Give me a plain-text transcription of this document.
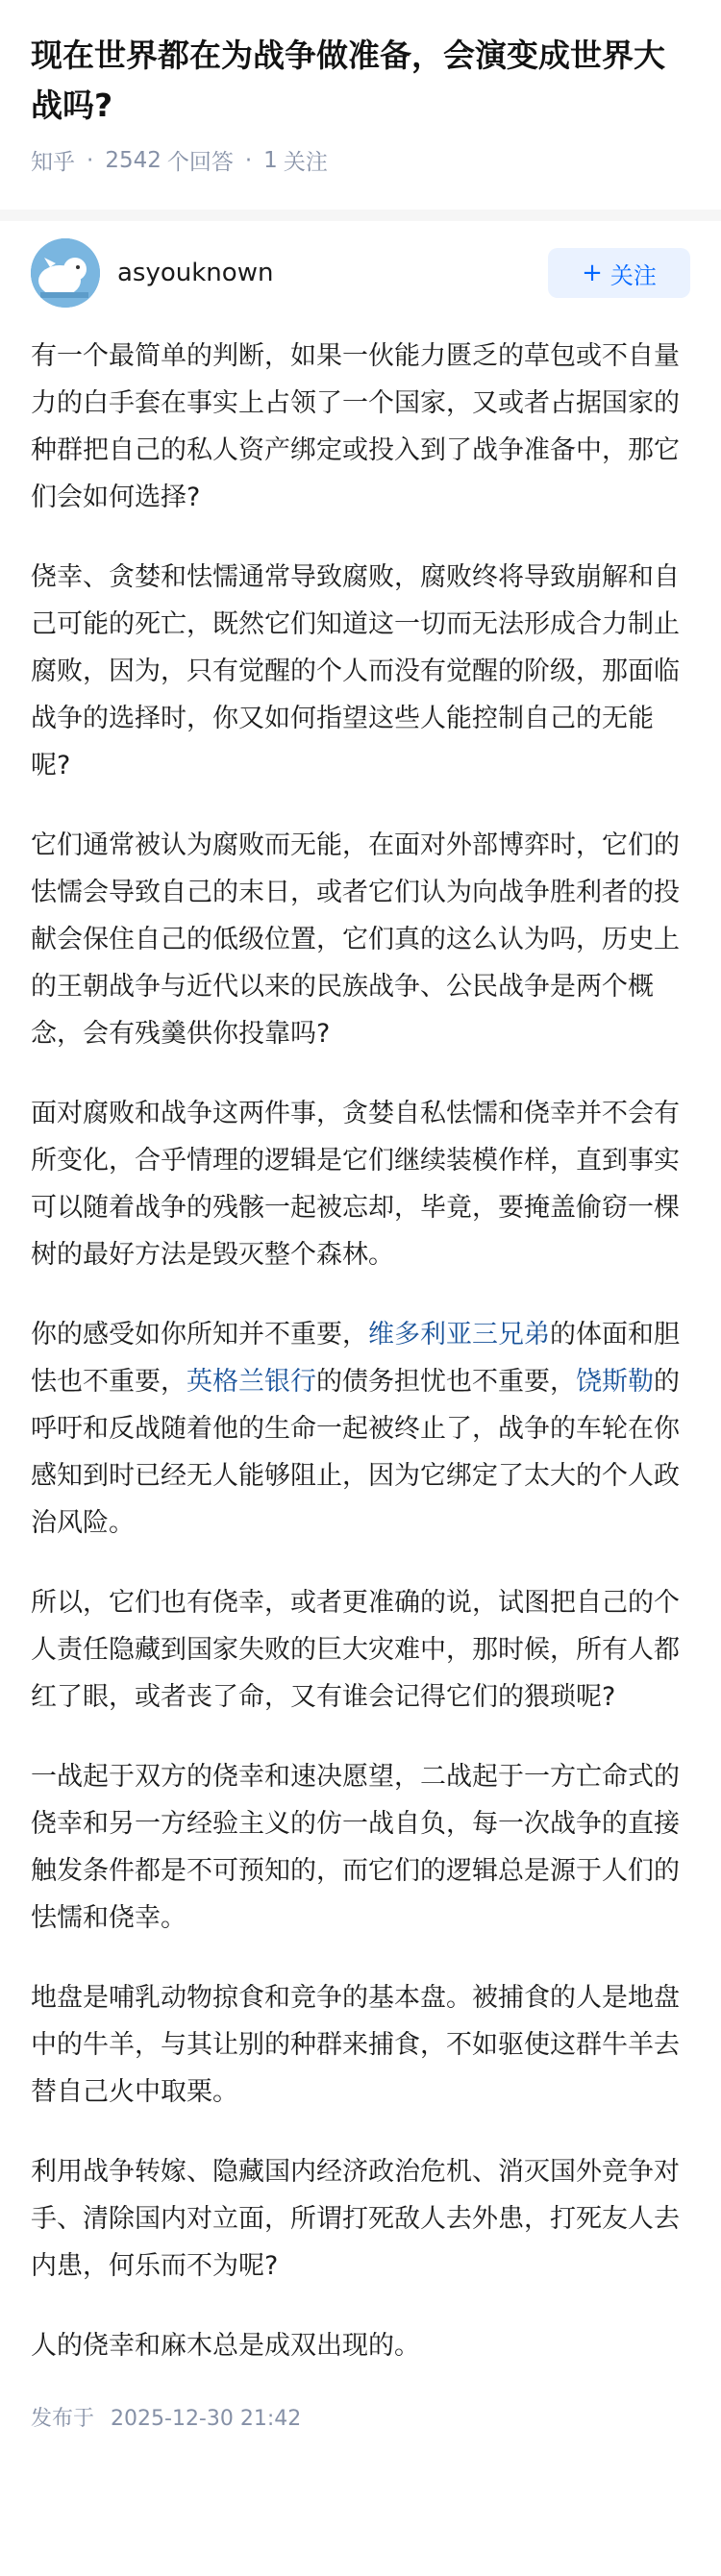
现在世界都在为战争做准备，会演变成世界大战吗?
知乎 · 2542 个回答 · 1 关注
asyouknown	+ 关注

有一个最简单的判断，如果一伙能力匮乏的草包或不自量力的白手套在事实上占领了一个国家，又或者占据国家的种群把自己的私人资产绑定或投入到了战争准备中，那它们会如何选择?

侥幸、贪婪和怯懦通常导致腐败，腐败终将导致崩解和自己可能的死亡，既然它们知道这一切而无法形成合力制止腐败，因为，只有觉醒的个人而没有觉醒的阶级，那面临战争的选择时，你又如何指望这些人能控制自己的无能呢?

它们通常被认为腐败而无能，在面对外部博弈时，它们的怯懦会导致自己的末日，或者它们认为向战争胜利者的投献会保住自己的低级位置，它们真的这么认为吗，历史上的王朝战争与近代以来的民族战争、公民战争是两个概念，会有残羹供你投靠吗?

面对腐败和战争这两件事，贪婪自私怯懦和侥幸并不会有所变化，合乎情理的逻辑是它们继续装模作样，直到事实可以随着战争的残骸一起被忘却，毕竟，要掩盖偷窃一棵树的最好方法是毁灭整个森林。

你的感受如你所知并不重要，维多利亚三兄弟的体面和胆怯也不重要，英格兰银行的债务担忧也不重要，饶斯勒的呼吁和反战随着他的生命一起被终止了，战争的车轮在你感知到时已经无人能够阻止，因为它绑定了太大的个人政治风险。

所以，它们也有侥幸，或者更准确的说，试图把自己的个人责任隐藏到国家失败的巨大灾难中，那时候，所有人都红了眼，或者丧了命，又有谁会记得它们的猥琐呢?

一战起于双方的侥幸和速决愿望，二战起于一方亡命式的侥幸和另一方经验主义的仿一战自负，每一次战争的直接触发条件都是不可预知的，而它们的逻辑总是源于人们的怯懦和侥幸。

地盘是哺乳动物掠食和竞争的基本盘。被捕食的人是地盘中的牛羊，与其让别的种群来捕食，不如驱使这群牛羊去替自己火中取栗。

利用战争转嫁、隐藏国内经济政治危机、消灭国外竞争对手、清除国内对立面，所谓打死敌人去外患，打死友人去内患，何乐而不为呢?

人的侥幸和麻木总是成双出现的。

发布于 2025-12-30 21:42
